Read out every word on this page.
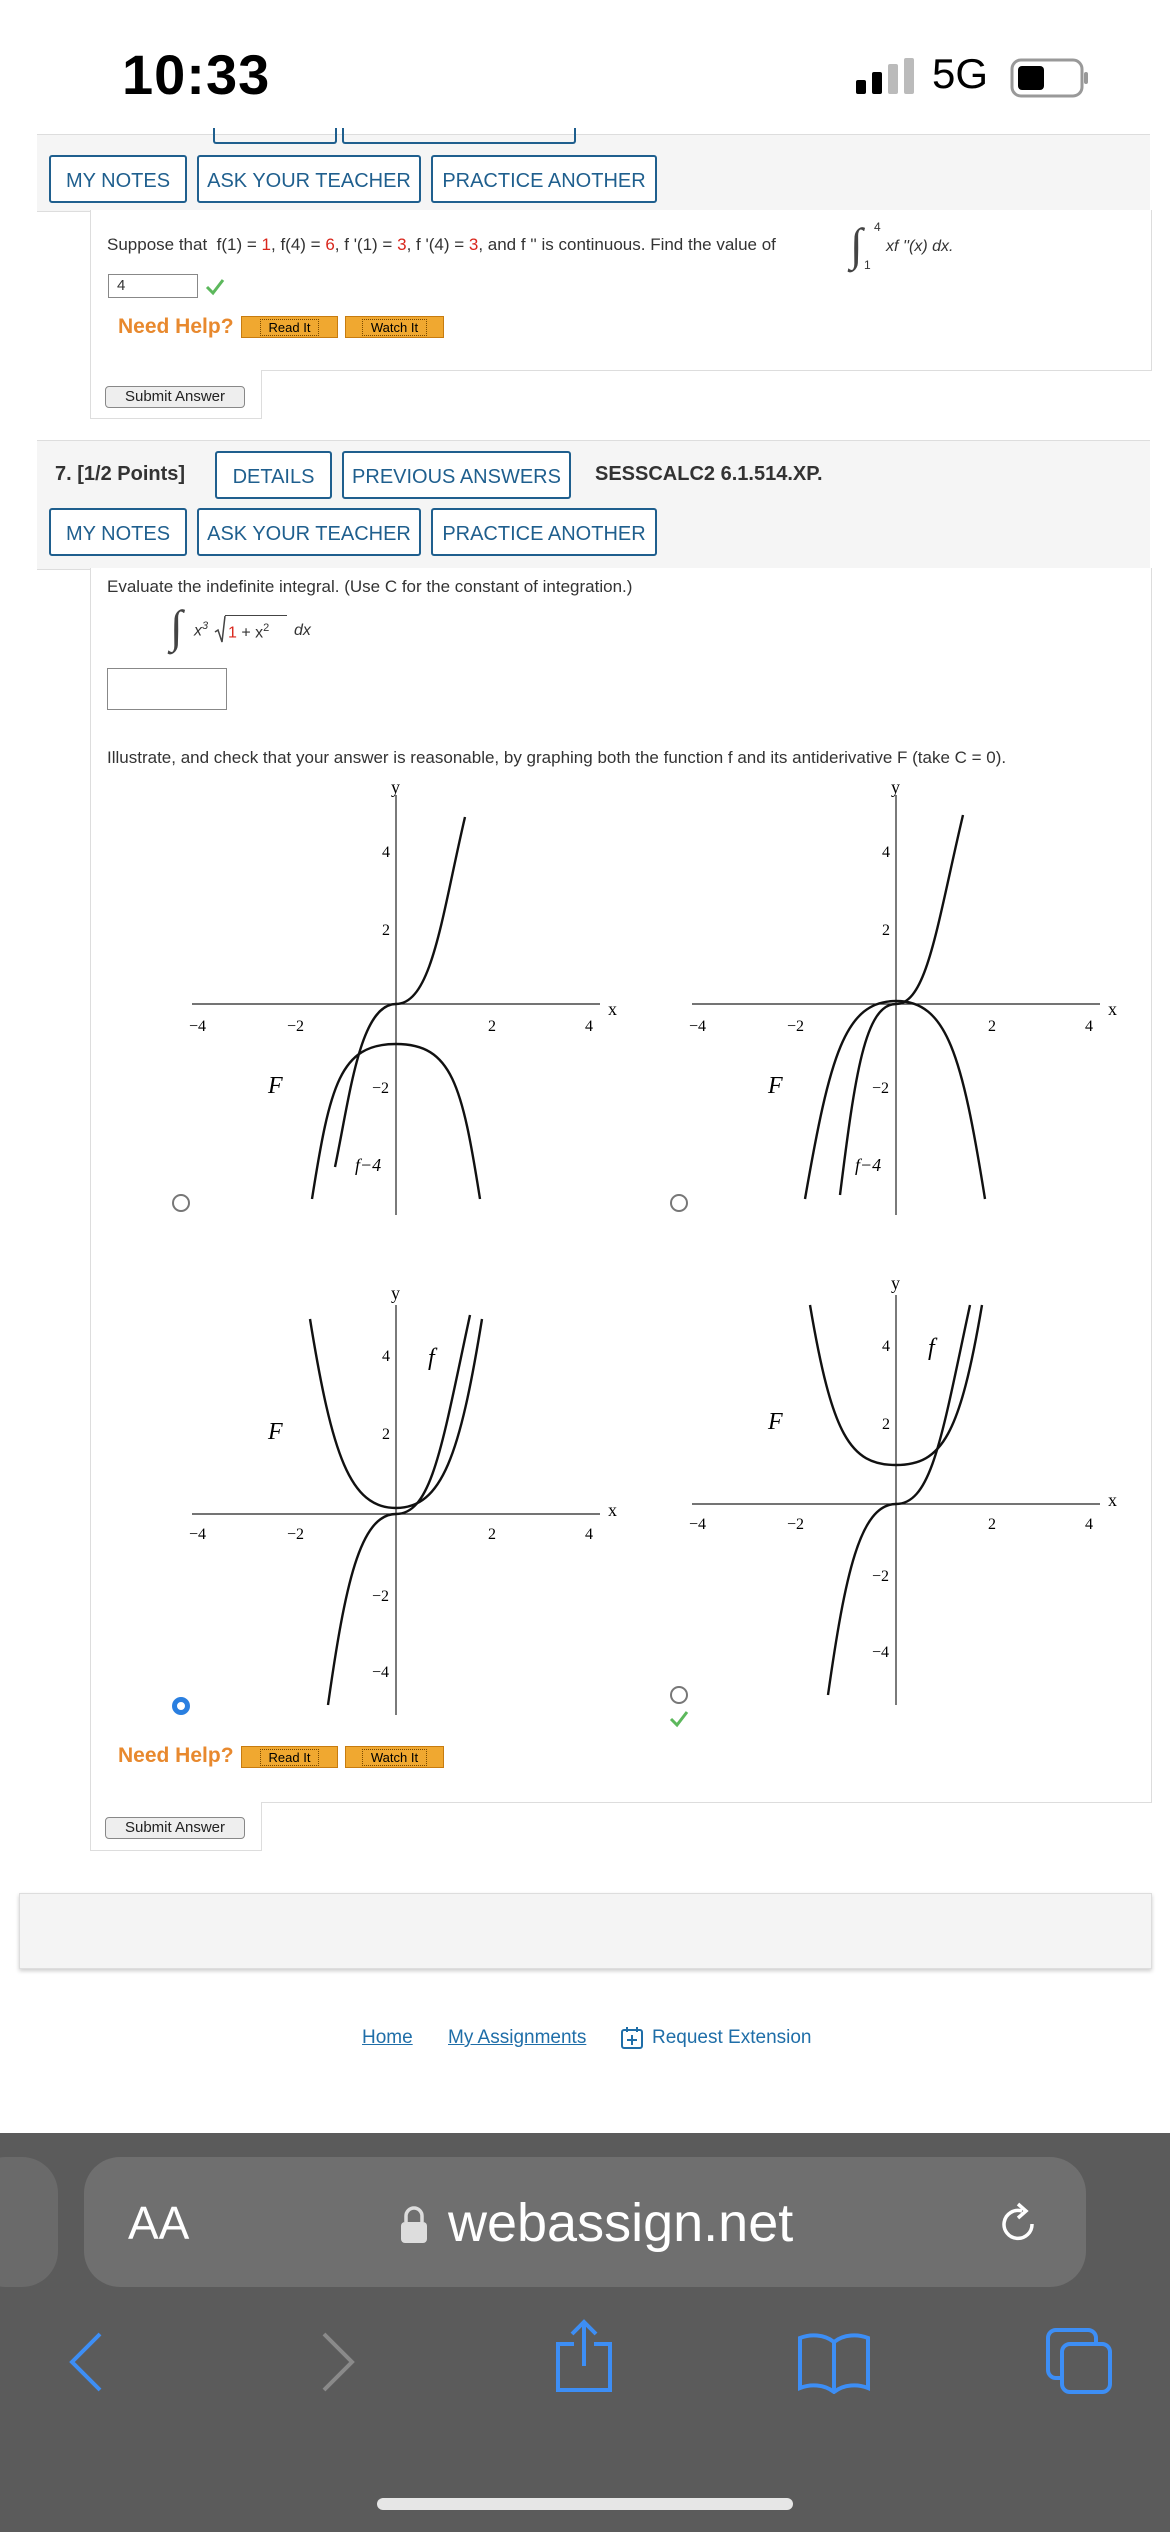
10:33	5G
MY NOTES	ASK YOUR TEACHER	PRACTICE ANOTHER
Suppose that f(1) = 1, f(4) = 6, f '(1) = 3, f '(4) = 3, and f '' is continuous. Find the value of ∫ 4
1
xf ''(x) dx.
4
Need Help?	Read It	Watch It
Submit Answer
7. [1/2 Points]	DETAILS	PREVIOUS ANSWERS	SESSCALC2 6.1.514.XP.
MY NOTES	ASK YOUR TEACHER	PRACTICE ANOTHER
Evaluate the indefinite integral. (Use C for the constant of integration.)
∫ $x^3$ $1 + x^2$ dx
Illustrate, and check that your answer is reasonable, by graphing both the function f and its antiderivative F (take C = 0).
y
x
−4	−2	2	4
4
2
−2
F
f−4
y
x
−4	−2	2	4
4
2
−2
F
f−4
y
x
−4	−2	2	4
4
2
−2
−4
F
f
y
x
−4	−2	2	4
4
2
−2
−4
F
f
Need Help?	Read It	Watch It
Submit Answer
Home My Assignments	Request Extension
AA	webassign.net
